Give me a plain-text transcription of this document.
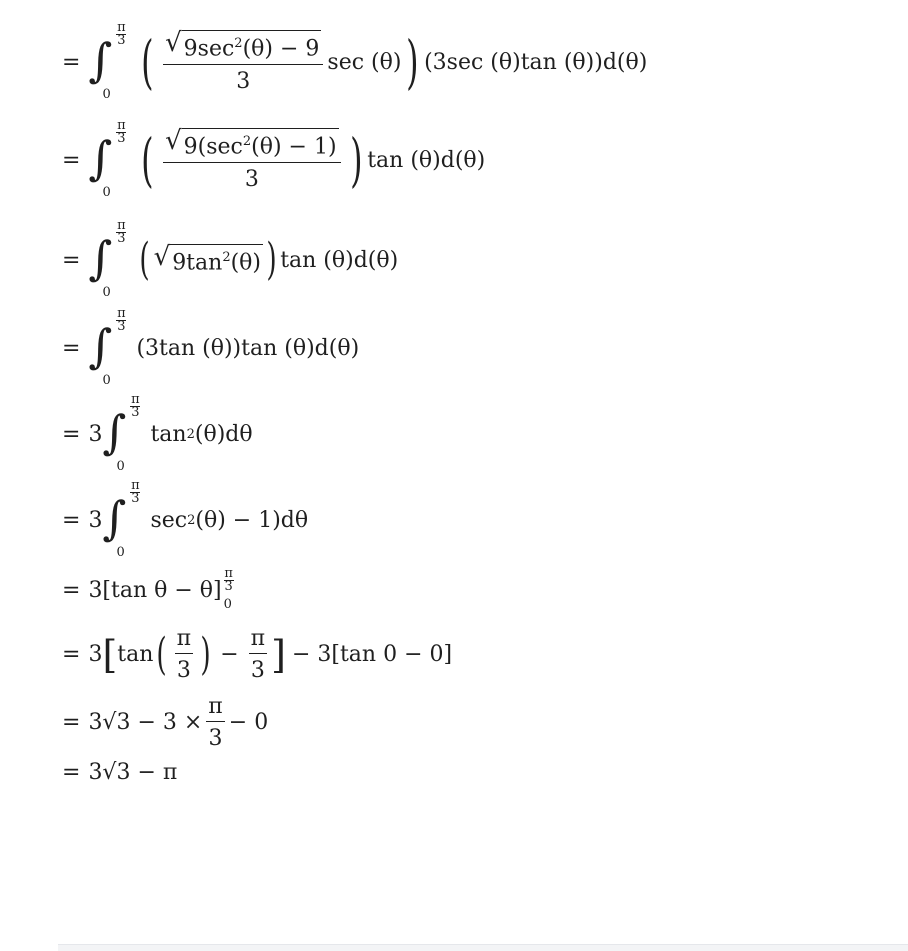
= ∫
π
3
0 ( $\frac{√ 9\sec^2(\theta) - 9}{3}$ sec (θ) ) (3sec (θ)tan (θ))d(θ)
= ∫
π
3
0 ( $\frac{√ 9(\sec^2(\theta) - 1)}{3}$ ) tan (θ)d(θ)
= ∫
π
3
0
( √ $9\tan^2(\theta)$ ) tan (θ)d(θ)
= ∫
π
3
0
(3tan (θ))tan (θ)d(θ)
= 3 ∫
π
3
0
tan 2 (θ)dθ
= 3 ∫
π
3
0
sec 2 (θ) − 1)dθ
= 3[tan θ − θ]
π
3
0
= 3 [ tan ( $\frac{\pi}{3}$ ) − $\frac{\pi}{3}$ ] − 3[tan 0 − 0]
= $3√3 - 3 \times \frac{\pi}{3} - 0$
= 3√3 − π
